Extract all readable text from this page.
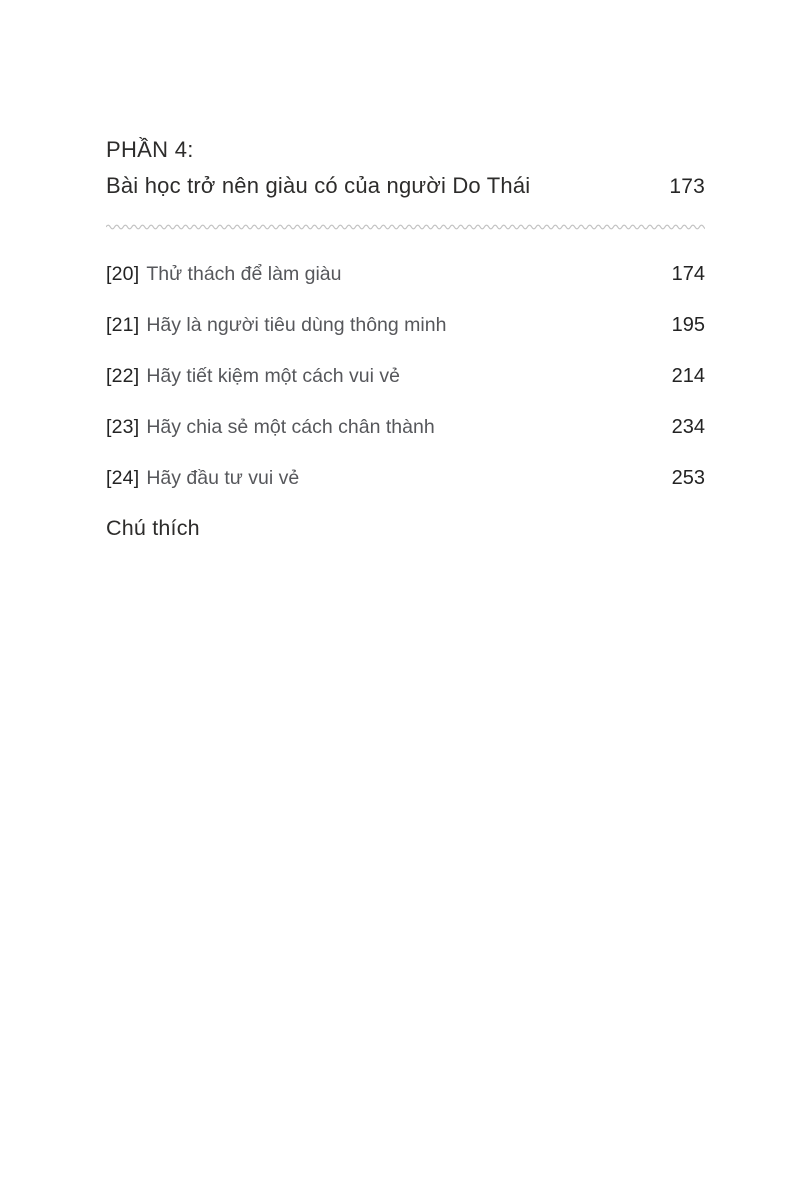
PHẦN 4:
Bài học trở nên giàu có của người Do Thái	173
[20] Thử thách để làm giàu	174
[21] Hãy là người tiêu dùng thông minh	195
[22] Hãy tiết kiệm một cách vui vẻ	214
[23] Hãy chia sẻ một cách chân thành	234
[24] Hãy đầu tư vui vẻ	253
Chú thích
